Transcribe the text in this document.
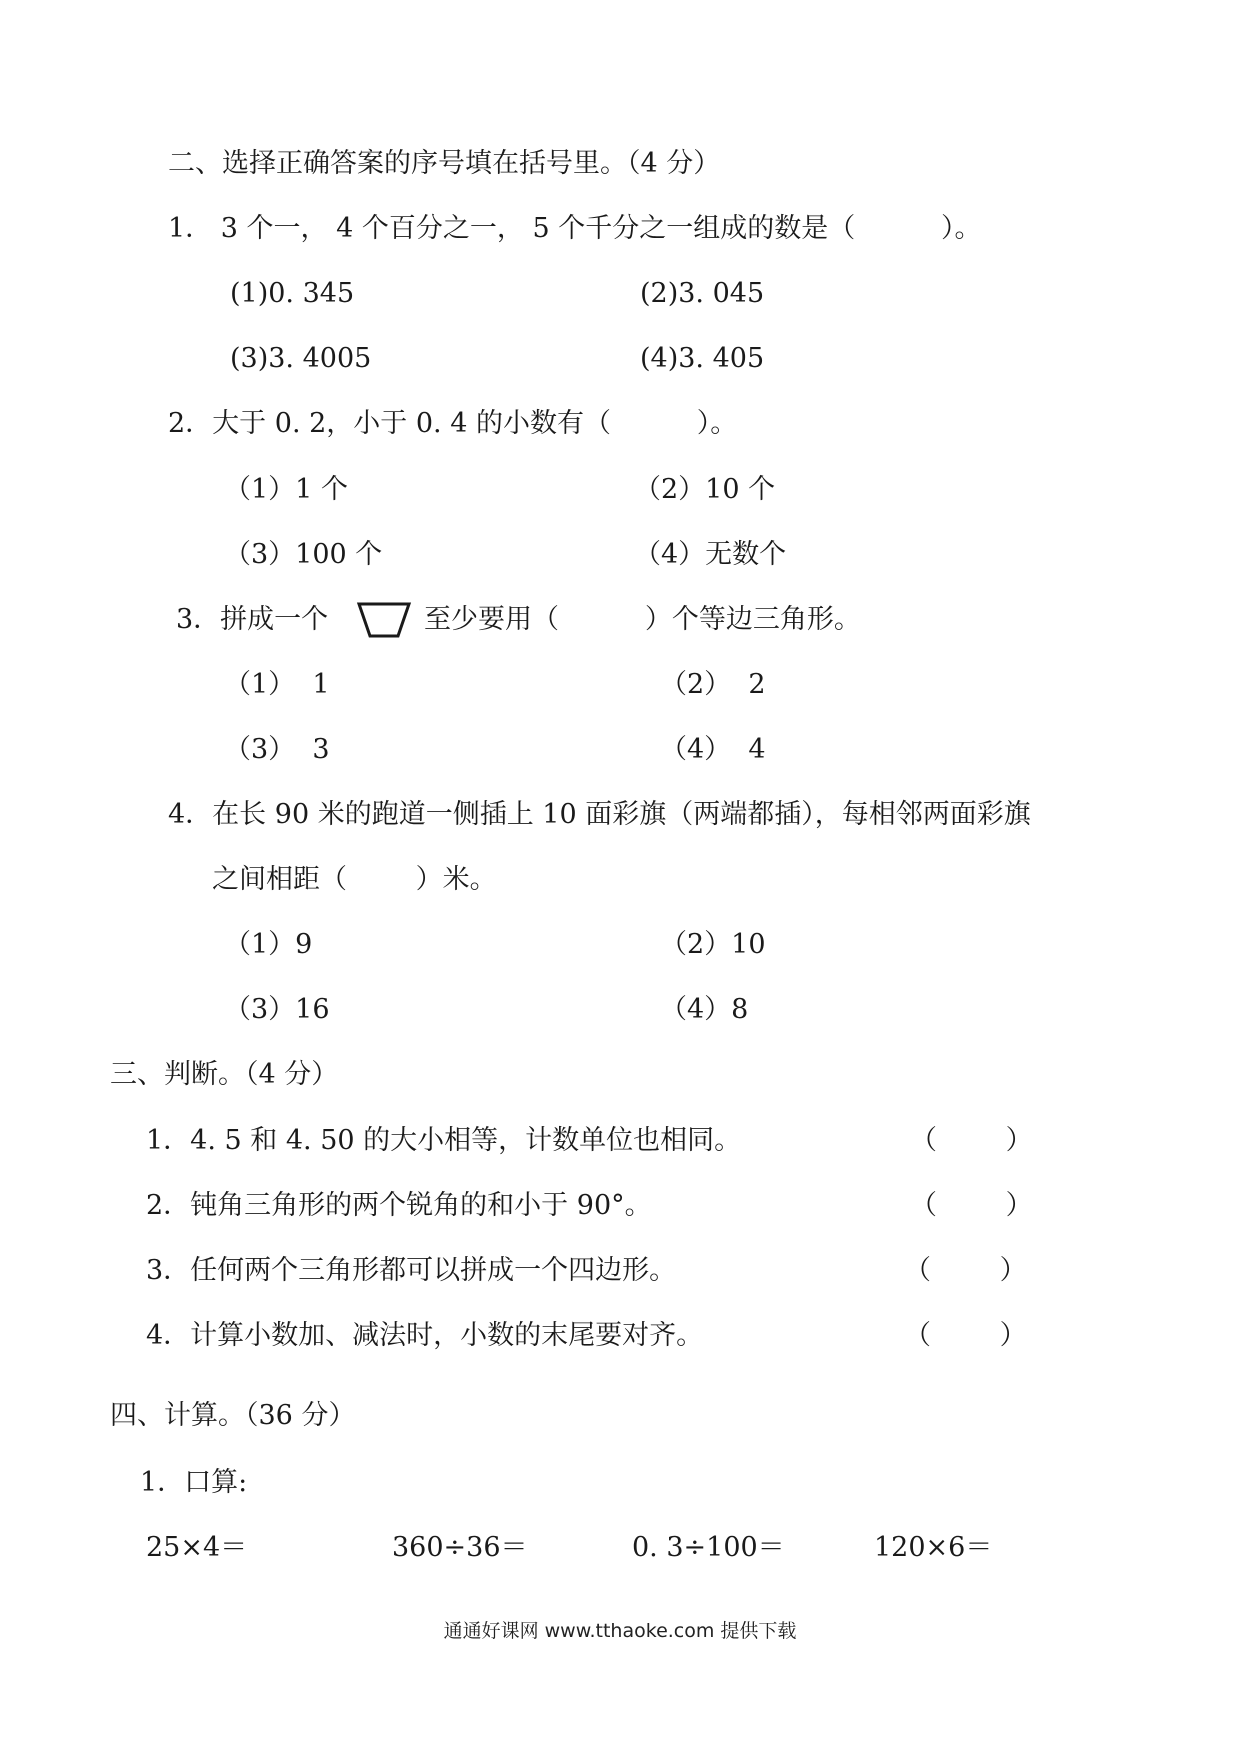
二、选择正确答案的序号填在括号里。（4 分）
1． 3 个一， 4 个百分之一， 5 个千分之一组成的数是（          ）。
(1)0. 345	(2)3. 045
(3)3. 4005	(4)3. 405
2．大于 0. 2，小于 0. 4 的小数有（          ）。
（1）1 个	（2）10 个
（3）100 个	（4）无数个
3．拼成一个	至少要用（          ）个等边三角形。
（1）  1	（2）  2
（3）  3	（4）  4
4．在长 90 米的跑道一侧插上 10 面彩旗（两端都插），每相邻两面彩旗
之间相距（        ）米。
（1）9	（2）10
（3）16	（4）8
三、判断。（4 分）
1．4. 5 和 4. 50 的大小相等，计数单位也相同。	（        ）
2．钝角三角形的两个锐角的和小于 90°。	（        ）
3．任何两个三角形都可以拼成一个四边形。	（        ）
4．计算小数加、减法时，小数的末尾要对齐。	（        ）
四、计算。（36 分）
1．口算:
25×4＝	360÷36＝	0. 3÷100＝	120×6＝
通通好课网 www.tthaoke.com 提供下载
